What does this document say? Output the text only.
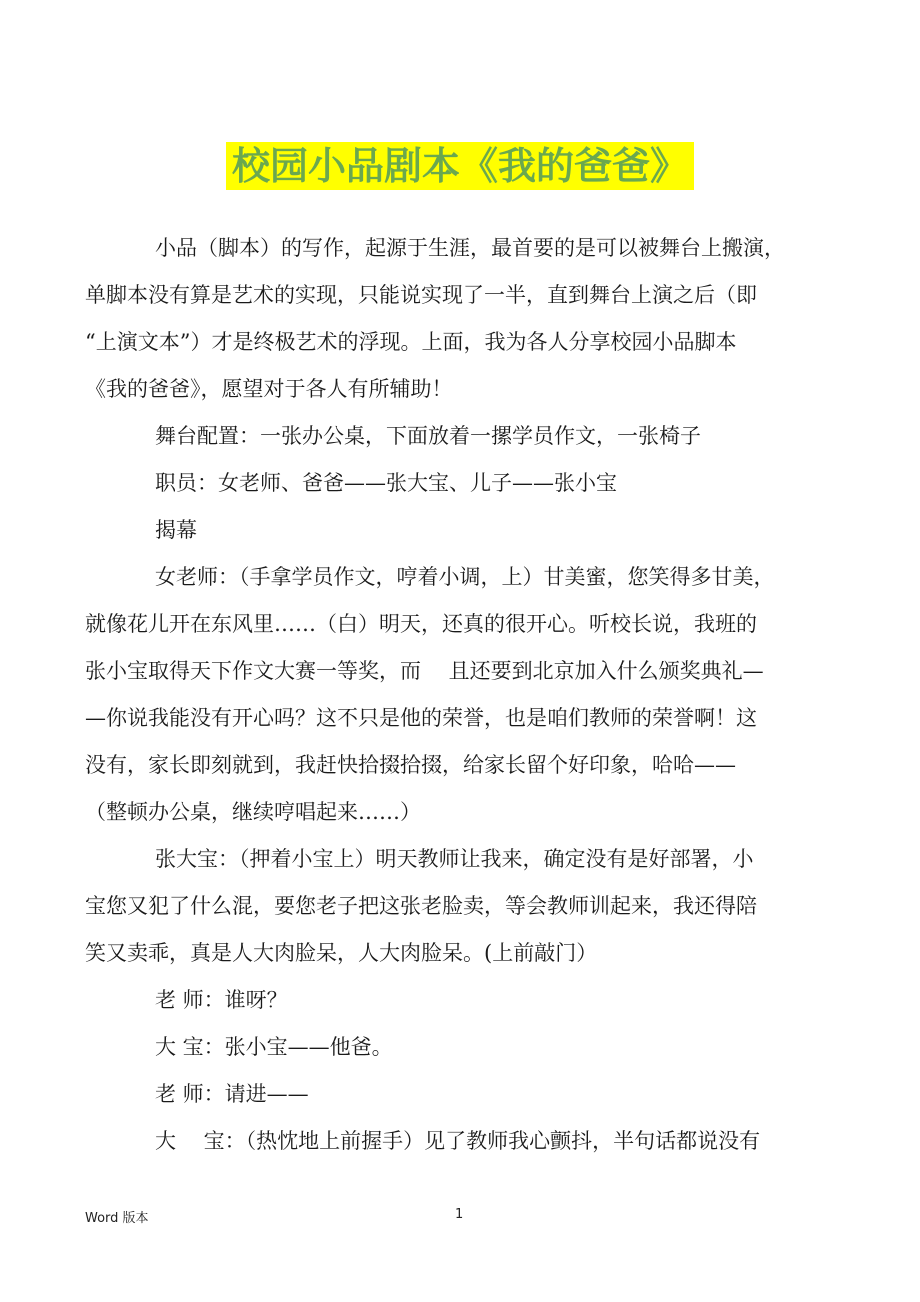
校园小品剧本《我的爸爸》
小品（脚本）的写作，起源于生涯，最首要的是可以被舞台上搬演，
单脚本没有算是艺术的实现，只能说实现了一半，直到舞台上演之后（即
“上演文本”）才是终极艺术的浮现。上面，我为各人分享校园小品脚本
《我的爸爸》，愿望对于各人有所辅助！
舞台配置：一张办公桌，下面放着一摞学员作文，一张椅子
职员：女老师、爸爸——张大宝、儿子——张小宝
揭幕
女老师：（手拿学员作文，哼着小调，上）甘美蜜，您笑得多甘美，
就像花儿开在东风里……（白）明天，还真的很开心。听校长说，我班的
张小宝取得天下作文大赛一等奖，而　 且还要到北京加入什么颁奖典礼—
—你说我能没有开心吗？这不只是他的荣誉，也是咱们教师的荣誉啊！这
没有，家长即刻就到，我赶快拾掇拾掇，给家长留个好印象，哈哈——
（整顿办公桌，继续哼唱起来……）
张大宝：（押着小宝上）明天教师让我来，确定没有是好部署，小
宝您又犯了什么混，要您老子把这张老脸卖，等会教师训起来，我还得陪
笑又卖乖，真是人大肉脸呆，人大肉脸呆。(上前敲门）
老 师：谁呀？
大 宝：张小宝——他爸。
老 师：请进——
大　 宝：（热忱地上前握手）见了教师我心颤抖，半句话都说没有
Word 版本	1
